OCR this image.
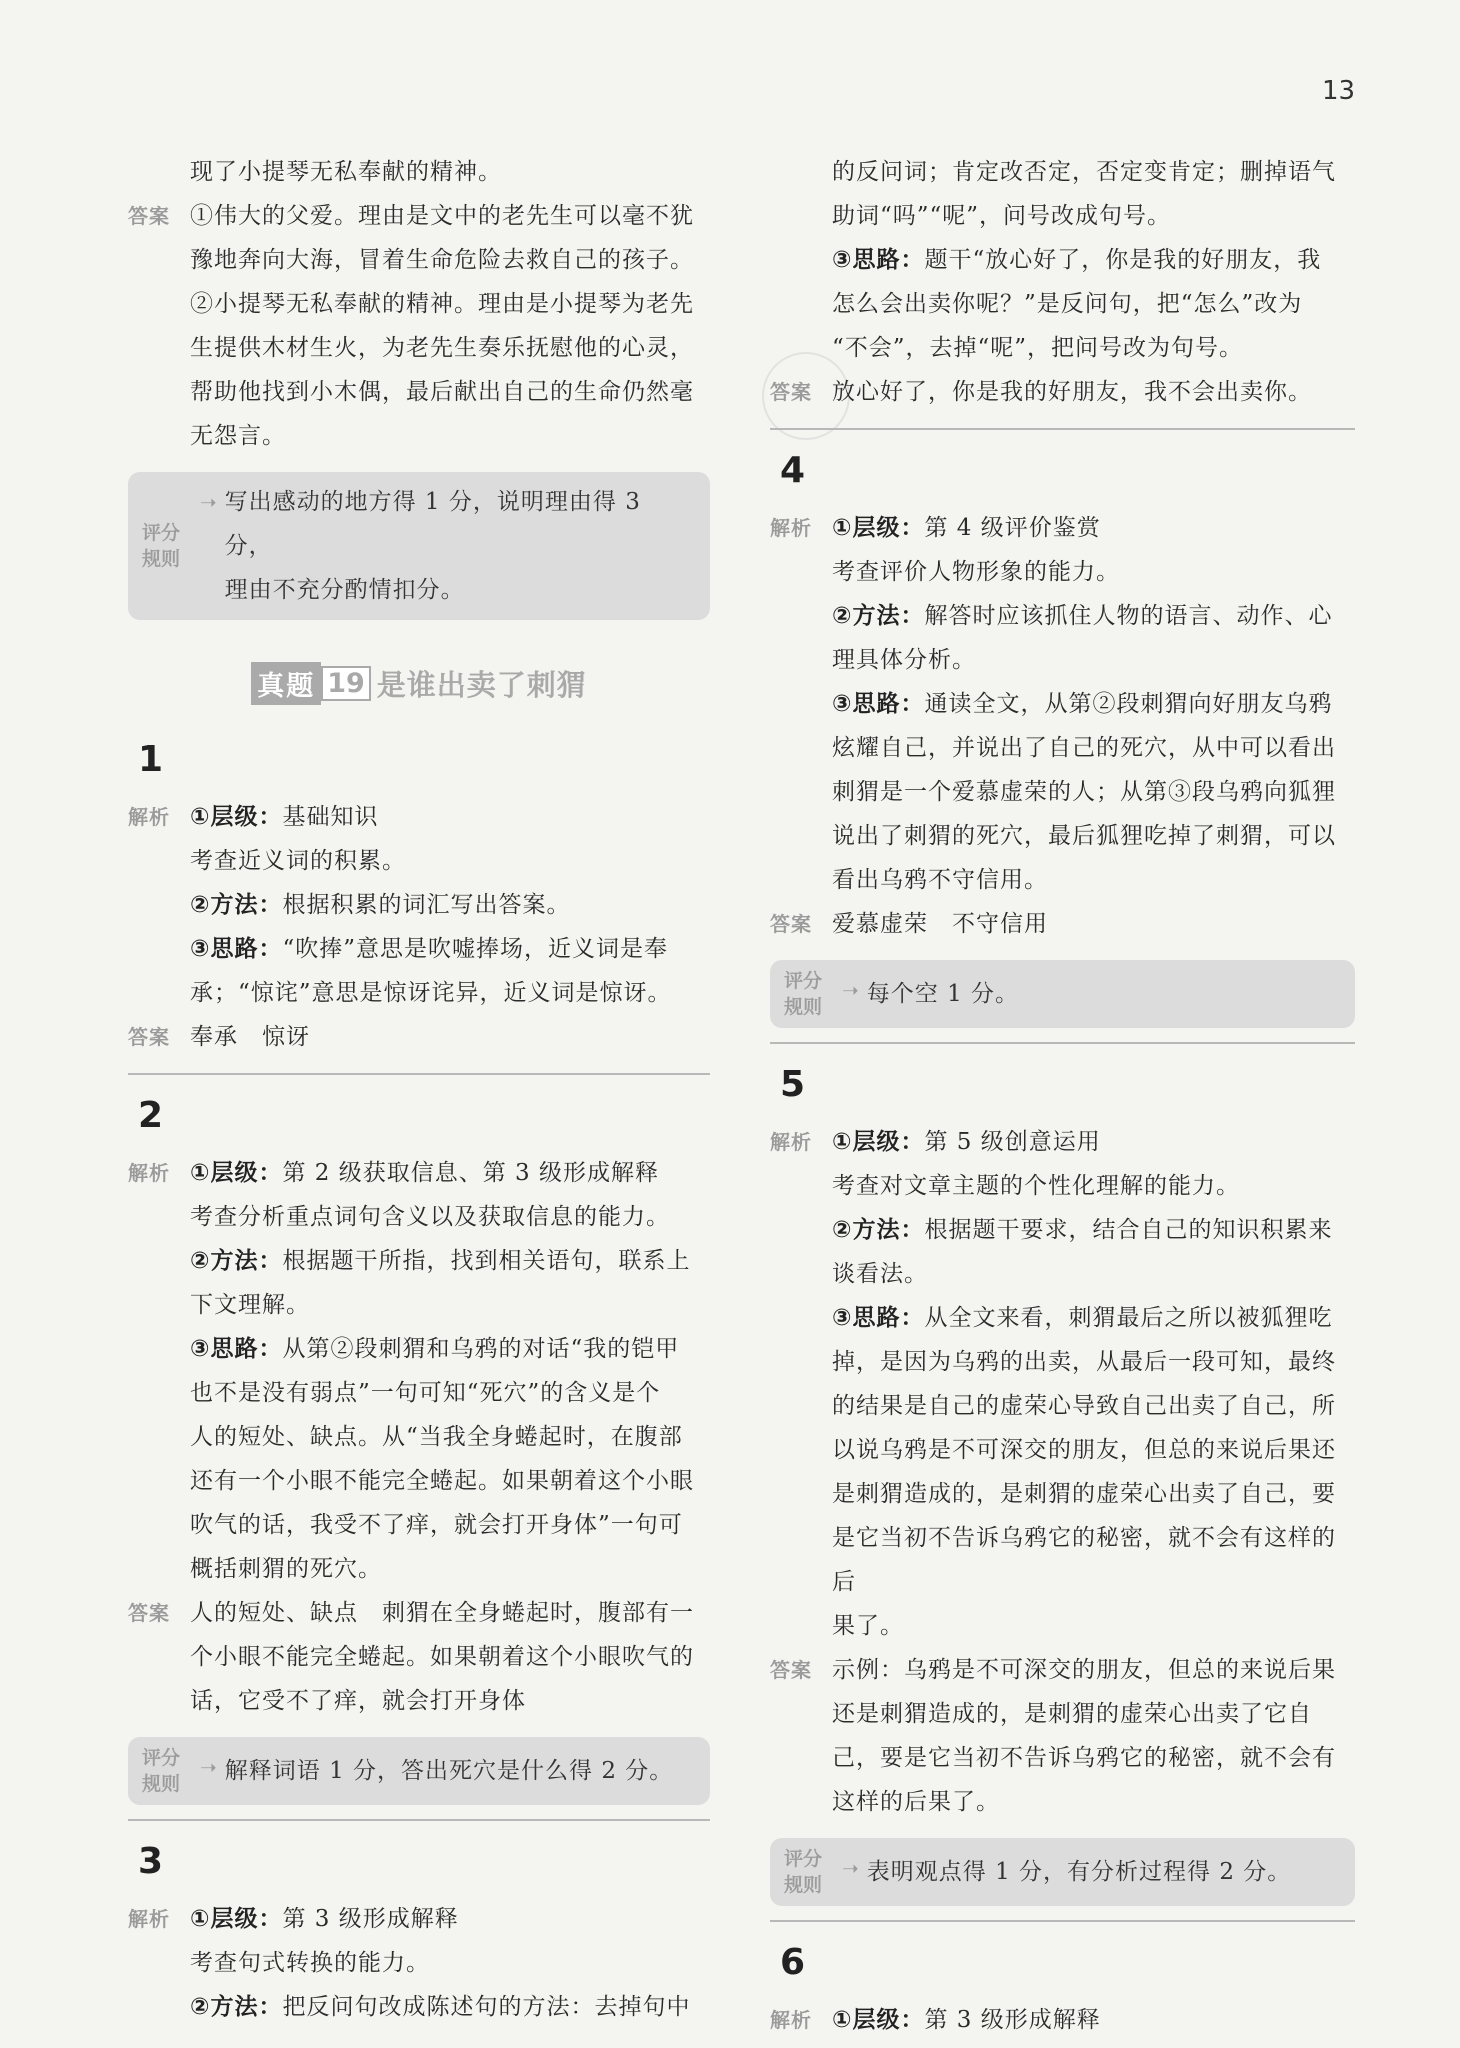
13

现了小提琴无私奉献的精神。

答案 ①伟大的父爱。理由是文中的老先生可以毫不犹

豫地奔向大海，冒着生命危险去救自己的孩子。

②小提琴无私奉献的精神。理由是小提琴为老先

生提供木材生火，为老先生奏乐抚慰他的心灵，

帮助他找到小木偶，最后献出自己的生命仍然毫

无怨言。

评分
规则
➝ 写出感动的地方得 1 分，说明理由得 3 分，

理由不充分酌情扣分。

真题 19 是谁出卖了刺猬
1
解析 ①层级：基础知识

考查近义词的积累。

②方法：根据积累的词汇写出答案。

③思路：“吹捧”意思是吹嘘捧场，近义词是奉

承；“惊诧”意思是惊讶诧异，近义词是惊讶。

答案 奉承　惊讶

2
解析 ①层级：第 2 级获取信息、第 3 级形成解释

考查分析重点词句含义以及获取信息的能力。

②方法：根据题干所指，找到相关语句，联系上

下文理解。

③思路：从第②段刺猬和乌鸦的对话“我的铠甲

也不是没有弱点”一句可知“死穴”的含义是个

人的短处、缺点。从“当我全身蜷起时，在腹部

还有一个小眼不能完全蜷起。如果朝着这个小眼

吹气的话，我受不了痒，就会打开身体”一句可

概括刺猬的死穴。

答案 人的短处、缺点　刺猬在全身蜷起时，腹部有一

个小眼不能完全蜷起。如果朝着这个小眼吹气的

话，它受不了痒，就会打开身体

评分
规则
➝ 解释词语 1 分，答出死穴是什么得 2 分。

3
解析 ①层级：第 3 级形成解释

考查句式转换的能力。

②方法：把反问句改成陈述句的方法：去掉句中

的反问词；肯定改否定，否定变肯定；删掉语气

助词“吗”“呢”，问号改成句号。

③思路：题干“放心好了，你是我的好朋友，我

怎么会出卖你呢？”是反问句，把“怎么”改为

“不会”，去掉“呢”，把问号改为句号。

答案 放心好了，你是我的好朋友，我不会出卖你。

4
解析 ①层级：第 4 级评价鉴赏

考查评价人物形象的能力。

②方法：解答时应该抓住人物的语言、动作、心

理具体分析。

③思路：通读全文，从第②段刺猬向好朋友乌鸦

炫耀自己，并说出了自己的死穴，从中可以看出

刺猬是一个爱慕虚荣的人；从第③段乌鸦向狐狸

说出了刺猬的死穴，最后狐狸吃掉了刺猬，可以

看出乌鸦不守信用。

答案 爱慕虚荣　不守信用

评分
规则
➝ 每个空 1 分。

5
解析 ①层级：第 5 级创意运用

考查对文章主题的个性化理解的能力。

②方法：根据题干要求，结合自己的知识积累来

谈看法。

③思路：从全文来看，刺猬最后之所以被狐狸吃

掉，是因为乌鸦的出卖，从最后一段可知，最终

的结果是自己的虚荣心导致自己出卖了自己，所

以说乌鸦是不可深交的朋友，但总的来说后果还

是刺猬造成的，是刺猬的虚荣心出卖了自己，要

是它当初不告诉乌鸦它的秘密，就不会有这样的后

果了。

答案 示例：乌鸦是不可深交的朋友，但总的来说后果

还是刺猬造成的，是刺猬的虚荣心出卖了它自

己，要是它当初不告诉乌鸦它的秘密，就不会有

这样的后果了。

评分
规则
➝ 表明观点得 1 分，有分析过程得 2 分。

6
解析 ①层级：第 3 级形成解释
